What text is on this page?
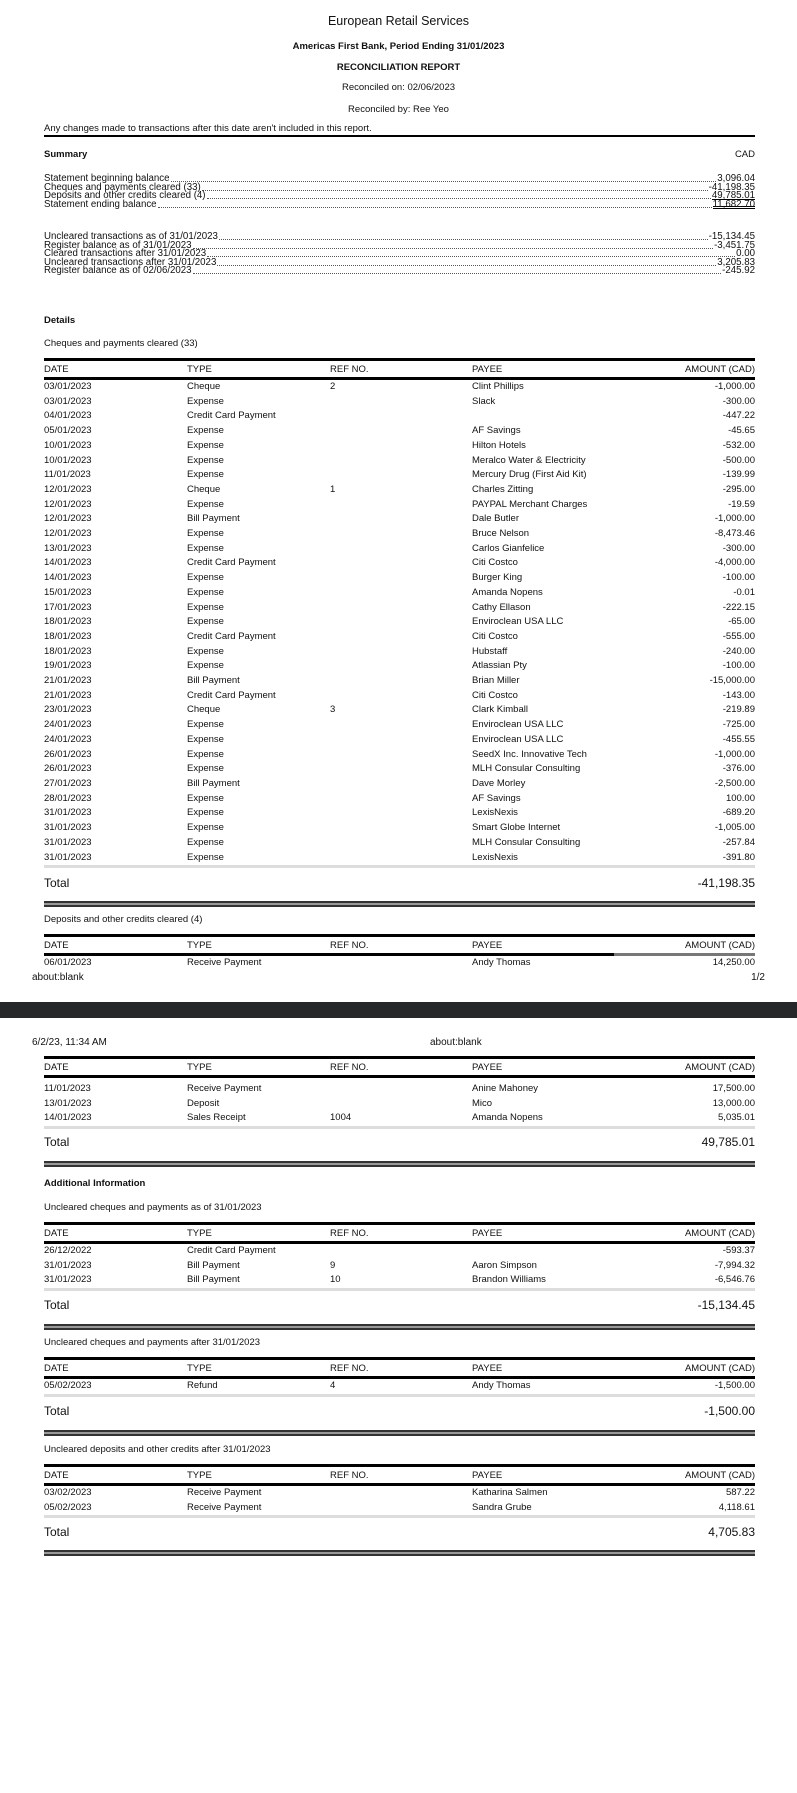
European Retail Services
Americas First Bank, Period Ending 31/01/2023
RECONCILIATION REPORT
Reconciled on: 02/06/2023
Reconciled by: Ree Yeo
Any changes made to transactions after this date aren't included in this report.
Summary	CAD
Statement beginning balance	3,096.04
Cheques and payments cleared (33)	-41,198.35
Deposits and other credits cleared (4)	49,785.01
Statement ending balance	11,682.70
Uncleared transactions as of 31/01/2023	-15,134.45
Register balance as of 31/01/2023	-3,451.75
Cleared transactions after 31/01/2023	0.00
Uncleared transactions after 31/01/2023	3,205.83
Register balance as of 02/06/2023	-245.92
Details
Cheques and payments cleared (33)
DATE	TYPE	REF NO.	PAYEE	AMOUNT (CAD)
03/01/2023	Cheque	2	Clint Phillips	-1,000.00
03/01/2023	Expense		Slack	-300.00
04/01/2023	Credit Card Payment			-447.22
05/01/2023	Expense		AF Savings	-45.65
10/01/2023	Expense		Hilton Hotels	-532.00
10/01/2023	Expense		Meralco Water & Electricity	-500.00
11/01/2023	Expense		Mercury Drug (First Aid Kit)	-139.99
12/01/2023	Cheque	1	Charles Zitting	-295.00
12/01/2023	Expense		PAYPAL Merchant Charges	-19.59
12/01/2023	Bill Payment		Dale Butler	-1,000.00
12/01/2023	Expense		Bruce Nelson	-8,473.46
13/01/2023	Expense		Carlos Gianfelice	-300.00
14/01/2023	Credit Card Payment		Citi Costco	-4,000.00
14/01/2023	Expense		Burger King	-100.00
15/01/2023	Expense		Amanda Nopens	-0.01
17/01/2023	Expense		Cathy Ellason	-222.15
18/01/2023	Expense		Enviroclean USA LLC	-65.00
18/01/2023	Credit Card Payment		Citi Costco	-555.00
18/01/2023	Expense		Hubstaff	-240.00
19/01/2023	Expense		Atlassian Pty	-100.00
21/01/2023	Bill Payment		Brian Miller	-15,000.00
21/01/2023	Credit Card Payment		Citi Costco	-143.00
23/01/2023	Cheque	3	Clark Kimball	-219.89
24/01/2023	Expense		Enviroclean USA LLC	-725.00
24/01/2023	Expense		Enviroclean USA LLC	-455.55
26/01/2023	Expense		SeedX Inc. Innovative Tech	-1,000.00
26/01/2023	Expense		MLH Consular Consulting	-376.00
27/01/2023	Bill Payment		Dave Morley	-2,500.00
28/01/2023	Expense		AF Savings	100.00
31/01/2023	Expense		LexisNexis	-689.20
31/01/2023	Expense		Smart Globe Internet	-1,005.00
31/01/2023	Expense		MLH Consular Consulting	-257.84
31/01/2023	Expense		LexisNexis	-391.80
Total	-41,198.35
Deposits and other credits cleared (4)
DATE	TYPE	REF NO.	PAYEE	AMOUNT (CAD)
06/01/2023	Receive Payment		Andy Thomas	14,250.00
about:blank	1/2
6/2/23, 11:34 AM	about:blank
DATE	TYPE	REF NO.	PAYEE	AMOUNT (CAD)
11/01/2023	Receive Payment		Anine Mahoney	17,500.00
13/01/2023	Deposit		Mico	13,000.00
14/01/2023	Sales Receipt	1004	Amanda Nopens	5,035.01
Total	49,785.01
Additional Information
Uncleared cheques and payments as of 31/01/2023
DATE	TYPE	REF NO.	PAYEE	AMOUNT (CAD)
26/12/2022	Credit Card Payment			-593.37
31/01/2023	Bill Payment	9	Aaron Simpson	-7,994.32
31/01/2023	Bill Payment	10	Brandon Williams	-6,546.76
Total	-15,134.45
Uncleared cheques and payments after 31/01/2023
DATE	TYPE	REF NO.	PAYEE	AMOUNT (CAD)
05/02/2023	Refund	4	Andy Thomas	-1,500.00
Total	-1,500.00
Uncleared deposits and other credits after 31/01/2023
DATE	TYPE	REF NO.	PAYEE	AMOUNT (CAD)
03/02/2023	Receive Payment		Katharina Salmen	587.22
05/02/2023	Receive Payment		Sandra Grube	4,118.61
Total	4,705.83
